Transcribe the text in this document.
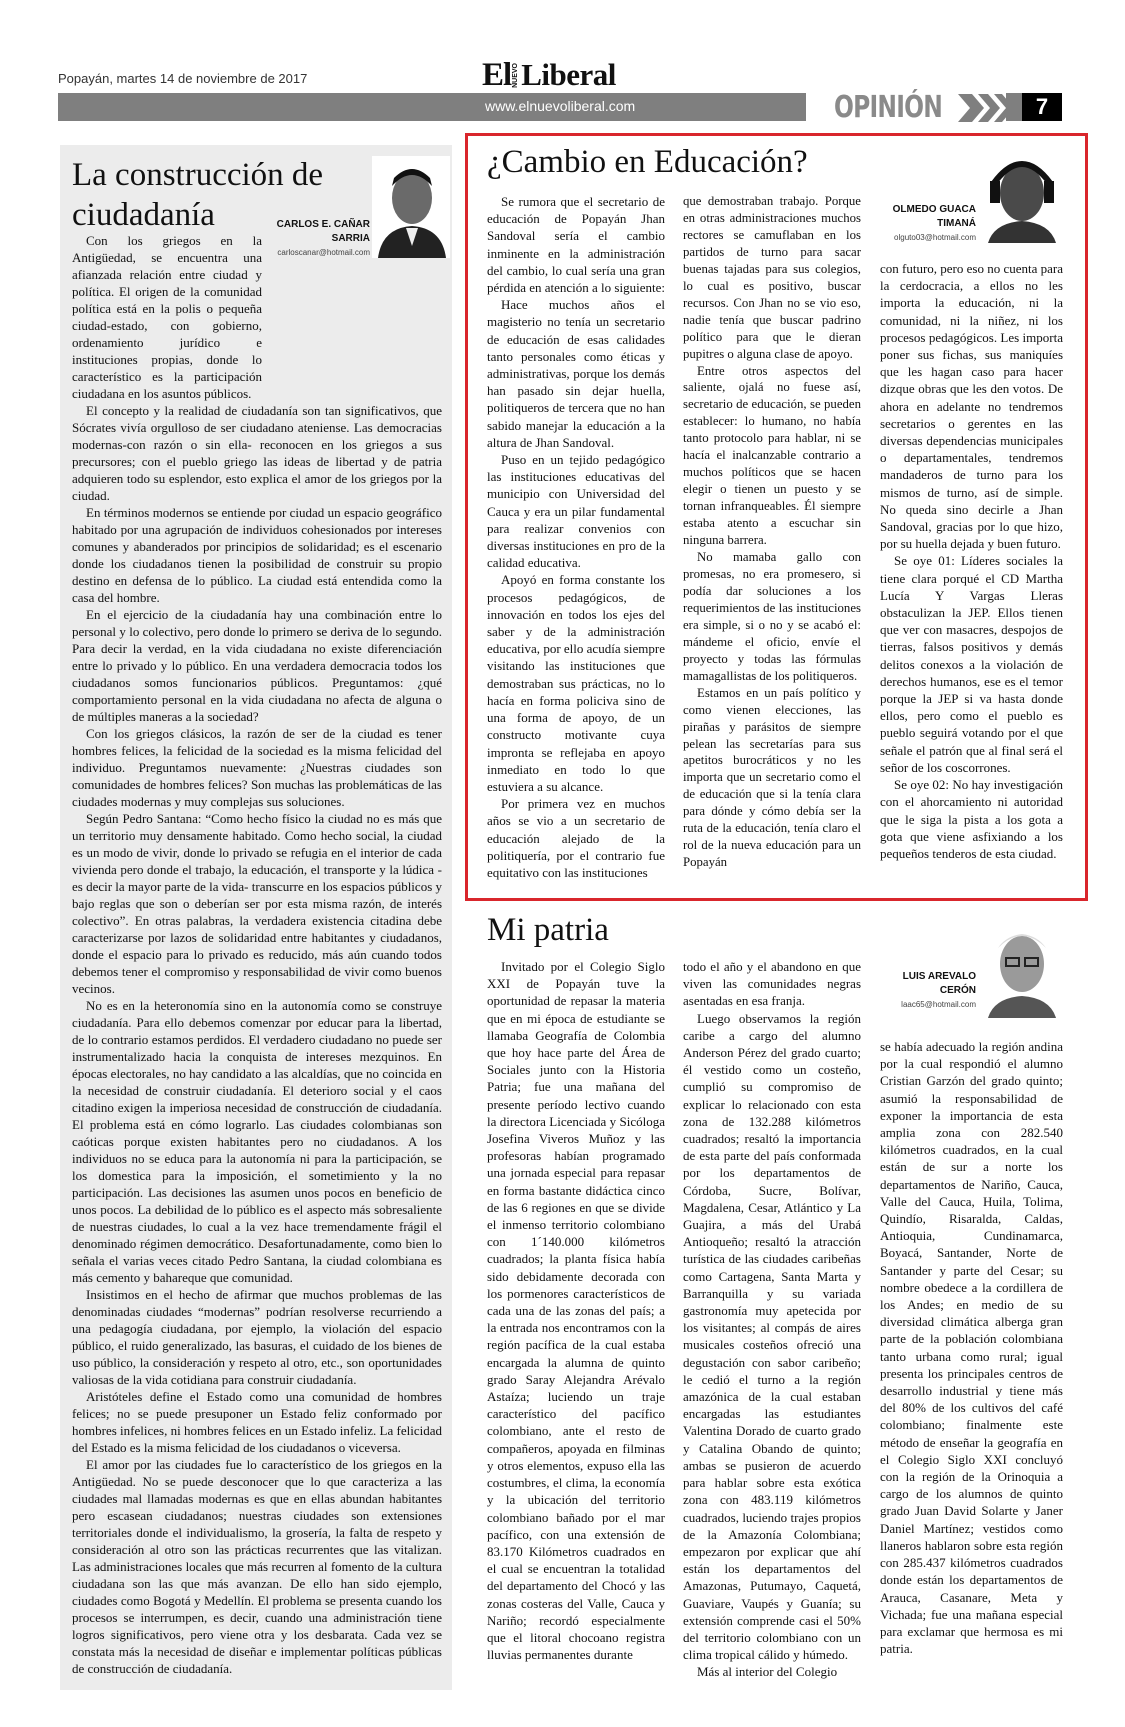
Popayán, martes 14 de noviembre de 2017	El NUEVO Liberal
www.elnuevoliberal.com	OPINIÓN	7
La construcción de ciudadanía	CARLOS E. CAÑAR SARRIA
carloscanar@hotmail.com

Con los griegos en la Antigüedad, se encuentra una afianzada relación entre ciudad y política. El origen de la comunidad política está en la polis o pequeña ciudad-estado, con gobierno, ordenamiento jurídico e instituciones propias, donde lo característico es la participación ciudadana en los asuntos públicos.

El concepto y la realidad de ciudadanía son tan significativos, que Sócrates vivía orgulloso de ser ciudadano ateniense. Las democracias modernas-con razón o sin ella- reconocen en los griegos a sus precursores; con el pueblo griego las ideas de libertad y de patria adquieren todo su esplendor, esto explica el amor de los griegos por la ciudad.

En términos modernos se entiende por ciudad un espacio geográfico habitado por una agrupación de individuos cohesionados por intereses comunes y abanderados por principios de solidaridad; es el escenario donde los ciudadanos tienen la posibilidad de construir su propio destino en defensa de lo público. La ciudad está entendida como la casa del hombre.

En el ejercicio de la ciudadanía hay una combinación entre lo personal y lo colectivo, pero donde lo primero se deriva de lo segundo. Para decir la verdad, en la vida ciudadana no existe diferenciación entre lo privado y lo público. En una verdadera democracia todos los ciudadanos somos funcionarios públicos. Preguntamos: ¿qué comportamiento personal en la vida ciudadana no afecta de alguna o de múltiples maneras a la sociedad?

Con los griegos clásicos, la razón de ser de la ciudad es tener hombres felices, la felicidad de la sociedad es la misma felicidad del individuo. Preguntamos nuevamente: ¿Nuestras ciudades son comunidades de hombres felices? Son muchas las problemáticas de las ciudades modernas y muy complejas sus soluciones.

Según Pedro Santana: “Como hecho físico la ciudad no es más que un territorio muy densamente habitado. Como hecho social, la ciudad es un modo de vivir, donde lo privado se refugia en el interior de cada vivienda pero donde el trabajo, la educación, el transporte y la lúdica -es decir la mayor parte de la vida- transcurre en los espacios públicos y bajo reglas que son o deberían ser por esta misma razón, de interés colectivo”. En otras palabras, la verdadera existencia citadina debe caracterizarse por lazos de solidaridad entre habitantes y ciudadanos, donde el espacio para lo privado es reducido, más aún cuando todos debemos tener el compromiso y responsabilidad de vivir como buenos vecinos.

No es en la heteronomía sino en la autonomía como se construye ciudadanía. Para ello debemos comenzar por educar para la libertad, de lo contrario estamos perdidos. El verdadero ciudadano no puede ser instrumentalizado hacia la conquista de intereses mezquinos. En épocas electorales, no hay candidato a las alcaldías, que no coincida en la necesidad de construir ciudadanía. El deterioro social y el caos citadino exigen la imperiosa necesidad de construcción de ciudadanía. El problema está en cómo lograrlo. Las ciudades colombianas son caóticas porque existen habitantes pero no ciudadanos. A los individuos no se educa para la autonomía ni para la participación, se los domestica para la imposición, el sometimiento y la no participación. Las decisiones las asumen unos pocos en beneficio de unos pocos. La debilidad de lo público es el aspecto más sobresaliente de nuestras ciudades, lo cual a la vez hace tremendamente frágil el denominado régimen democrático. Desafortunadamente, como bien lo señala el varias veces citado Pedro Santana, la ciudad colombiana es más cemento y bahareque que comunidad.

Insistimos en el hecho de afirmar que muchos problemas de las denominadas ciudades “modernas” podrían resolverse recurriendo a una pedagogía ciudadana, por ejemplo, la violación del espacio público, el ruido generalizado, las basuras, el cuidado de los bienes de uso público, la consideración y respeto al otro, etc., son oportunidades valiosas de la vida cotidiana para construir ciudadanía.

Aristóteles define el Estado como una comunidad de hombres felices; no se puede presuponer un Estado feliz conformado por hombres infelices, ni hombres felices en un Estado infeliz. La felicidad del Estado es la misma felicidad de los ciudadanos o viceversa.

El amor por las ciudades fue lo característico de los griegos en la Antigüedad. No se puede desconocer que lo que caracteriza a las ciudades mal llamadas modernas es que en ellas abundan habitantes pero escasean ciudadanos; nuestras ciudades son extensiones territoriales donde el individualismo, la grosería, la falta de respeto y consideración al otro son las prácticas recurrentes que las vitalizan. Las administraciones locales que más recurren al fomento de la cultura ciudadana son las que más avanzan. De ello han sido ejemplo, ciudades como Bogotá y Medellín. El problema se presenta cuando los procesos se interrumpen, es decir, cuando una administración tiene logros significativos, pero viene otra y los desbarata. Cada vez se constata más la necesidad de diseñar e implementar políticas públicas de construcción de ciudadanía.

¿Cambio en Educación?
OLMEDO GUACA TIMANÁ
olguto03@hotmail.com

Se rumora que el secretario de educación de Popayán Jhan Sandoval sería el cambio inminente en la administración del cambio, lo cual sería una gran pérdida en atención a lo siguiente:

Hace muchos años el magisterio no tenía un secretario de educación de esas calidades tanto personales como éticas y administrativas, porque los demás han pasado sin dejar huella, politiqueros de tercera que no han sabido manejar la educación a la altura de Jhan Sandoval.

Puso en un tejido pedagógico las instituciones educativas del municipio con Universidad del Cauca y era un pilar fundamental para realizar convenios con diversas instituciones en pro de la calidad educativa.

Apoyó en forma constante los procesos pedagógicos, de innovación en todos los ejes del saber y de la administración educativa, por ello acudía siempre visitando las instituciones que demostraban sus prácticas, no lo hacía en forma policiva sino de una forma de apoyo, de un constructo motivante cuya impronta se reflejaba en apoyo inmediato en todo lo que estuviera a su alcance.

Por primera vez en muchos años se vio a un secretario de educación alejado de la politiquería, por el contrario fue equitativo con las instituciones

que demostraban trabajo. Porque en otras administraciones muchos rectores se camuflaban en los partidos de turno para sacar buenas tajadas para sus colegios, lo cual es positivo, buscar recursos. Con Jhan no se vio eso, nadie tenía que buscar padrino político para que le dieran pupitres o alguna clase de apoyo.

Entre otros aspectos del saliente, ojalá no fuese así, secretario de educación, se pueden establecer: lo humano, no había tanto protocolo para hablar, ni se hacía el inalcanzable contrario a muchos políticos que se hacen elegir o tienen un puesto y se tornan infranqueables. Él siempre estaba atento a escuchar sin ninguna barrera.

No mamaba gallo con promesas, no era promesero, si podía dar soluciones a los requerimientos de las instituciones era simple, si o no y se acabó el: mándeme el oficio, envíe el proyecto y todas las fórmulas mamagallistas de los politiqueros.

Estamos en un país político y como vienen elecciones, las pirañas y parásitos de siempre pelean las secretarías para sus apetitos burocráticos y no les importa que un secretario como el de educación que si la tenía clara para dónde y cómo debía ser la ruta de la educación, tenía claro el rol de la nueva educación para un Popayán

con futuro, pero eso no cuenta para la cerdocracia, a ellos no les importa la educación, ni la comunidad, ni la niñez, ni los procesos pedagógicos. Les importa poner sus fichas, sus maniquíes que les hagan caso para hacer dizque obras que les den votos. De ahora en adelante no tendremos secretarios o gerentes en las diversas dependencias municipales o departamentales, tendremos mandaderos de turno para los mismos de turno, así de simple. No queda sino decirle a Jhan Sandoval, gracias por lo que hizo, por su huella dejada y buen futuro.

Se oye 01: Líderes sociales la tiene clara porqué el CD Martha Lucía Y Vargas Lleras obstaculizan la JEP. Ellos tienen que ver con masacres, despojos de tierras, falsos positivos y demás delitos conexos a la violación de derechos humanos, ese es el temor porque la JEP si va hasta donde ellos, pero como el pueblo es pueblo seguirá votando por el que señale el patrón que al final será el señor de los coscorrones.

Se oye 02: No hay investigación con el ahorcamiento ni autoridad que le siga la pista a los gota a gota que viene asfixiando a los pequeños tenderos de esta ciudad.

Mi patria
LUIS AREVALO CERÓN
laac65@hotmail.com

Invitado por el Colegio Siglo XXI de Popayán tuve la oportunidad de repasar la materia que en mi época de estudiante se llamaba Geografía de Colombia que hoy hace parte del Área de Sociales junto con la Historia Patria; fue una mañana del presente período lectivo cuando la directora Licenciada y Sicóloga Josefina Viveros Muñoz y las profesoras habían programado una jornada especial para repasar en forma bastante didáctica cinco de las 6 regiones en que se divide el inmenso territorio colombiano con 1´140.000 kilómetros cuadrados; la planta física había sido debidamente decorada con los pormenores característicos de cada una de las zonas del país; a la entrada nos encontramos con la región pacífica de la cual estaba encargada la alumna de quinto grado Saray Alejandra Arévalo Astaíza; luciendo un traje característico del pacífico colombiano, ante el resto de compañeros, apoyada en filminas y otros elementos, expuso ella las costumbres, el clima, la economía y la ubicación del territorio colombiano bañado por el mar pacífico, con una extensión de 83.170 Kilómetros cuadrados en el cual se encuentran la totalidad del departamento del Chocó y las zonas costeras del Valle, Cauca y Nariño; recordó especialmente que el litoral chocoano registra lluvias permanentes durante

todo el año y el abandono en que viven las comunidades negras asentadas en esa franja.

Luego observamos la región caribe a cargo del alumno Anderson Pérez del grado cuarto; él vestido como un costeño, cumplió su compromiso de explicar lo relacionado con esta zona de 132.288 kilómetros cuadrados; resaltó la importancia de esta parte del país conformada por los departamentos de Córdoba, Sucre, Bolívar, Magdalena, Cesar, Atlántico y La Guajira, a más del Urabá Antioqueño; resaltó la atracción turística de las ciudades caribeñas como Cartagena, Santa Marta y Barranquilla y su variada gastronomía muy apetecida por los visitantes; al compás de aires musicales costeños ofreció una degustación con sabor caribeño; le cedió el turno a la región amazónica de la cual estaban encargadas las estudiantes Valentina Dorado de cuarto grado y Catalina Obando de quinto; ambas se pusieron de acuerdo para hablar sobre esta exótica zona con 483.119 kilómetros cuadrados, luciendo trajes propios de la Amazonía Colombiana; empezaron por explicar que ahí están los departamentos del Amazonas, Putumayo, Caquetá, Guaviare, Vaupés y Guanía; su extensión comprende casi el 50% del territorio colombiano con un clima tropical cálido y húmedo.

Más al interior del Colegio

se había adecuado la región andina por la cual respondió el alumno Cristian Garzón del grado quinto; asumió la responsabilidad de exponer la importancia de esta amplia zona con 282.540 kilómetros cuadrados, en la cual están de sur a norte los departamentos de Nariño, Cauca, Valle del Cauca, Huila, Tolima, Quindío, Risaralda, Caldas, Antioquia, Cundinamarca, Boyacá, Santander, Norte de Santander y parte del Cesar; su nombre obedece a la cordillera de los Andes; en medio de su diversidad climática alberga gran parte de la población colombiana tanto urbana como rural; igual presenta los principales centros de desarrollo industrial y tiene más del 80% de los cultivos del café colombiano; finalmente este método de enseñar la geografía en el Colegio Siglo XXI concluyó con la región de la Orinoquia a cargo de los alumnos de quinto grado Juan David Solarte y Janer Daniel Martínez; vestidos como llaneros hablaron sobre esta región con 285.437 kilómetros cuadrados donde están los departamentos de Arauca, Casanare, Meta y Vichada; fue una mañana especial para exclamar que hermosa es mi patria.
